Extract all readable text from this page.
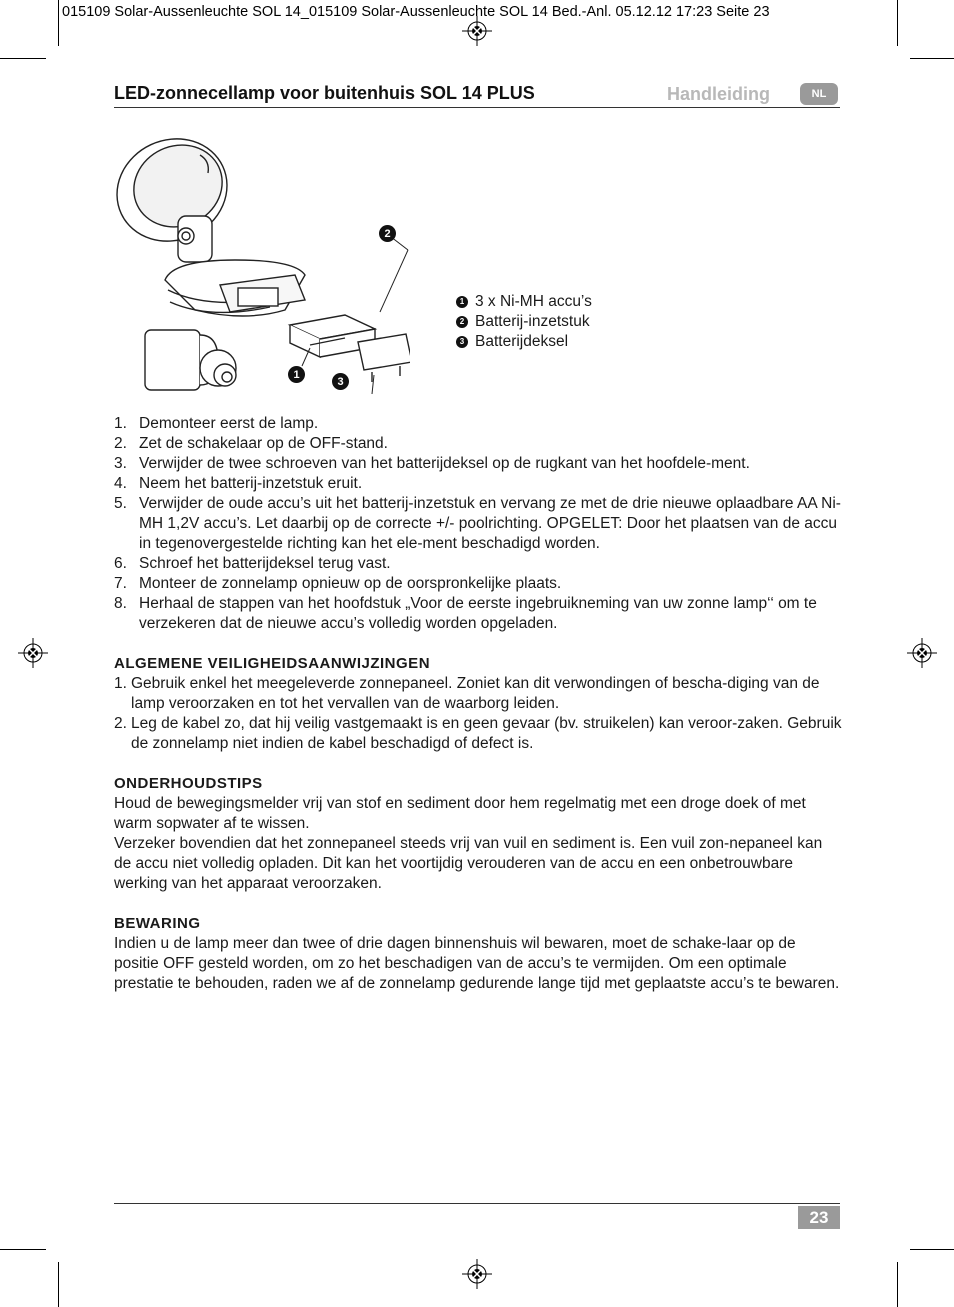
015109 Solar-Aussenleuchte SOL 14_015109 Solar-Aussenleuchte SOL 14 Bed.-Anl. 05.12.12 17:23 Seite 23
LED-zonnecellamp voor buitenhuis SOL 14 PLUS	Handleiding	NL
2
1
3
1 3 x Ni-MH accu’s
2 Batterij-inzetstuk
3 Batterijdeksel
1. Demonteer eerst de lamp.
2. Zet de schakelaar op de OFF-stand.
3. Verwijder de twee schroeven van het batterijdeksel op de rugkant van het hoofdele-ment.
4. Neem het batterij-inzetstuk eruit.
5. Verwijder de oude accu’s uit het batterij-inzetstuk en vervang ze met de drie nieuwe oplaadbare AA Ni-MH 1,2V accu’s. Let daarbij op de correcte +/- poolrichting. OPGELET: Door het plaatsen van de accu in tegenovergestelde richting kan het ele-ment beschadigd worden.
6. Schroef het batterijdeksel terug vast.
7. Monteer de zonnelamp opnieuw op de oorspronkelijke plaats.
8. Herhaal de stappen van het hoofdstuk „Voor de eerste ingebruikneming van uw zonne lamp‘‘ om te verzekeren dat de nieuwe accu’s volledig worden opgeladen.
ALGEMENE VEILIGHEIDSAANWIJZINGEN
1. Gebruik enkel het meegeleverde zonnepaneel. Zoniet kan dit verwondingen of bescha-diging van de lamp veroorzaken en tot het vervallen van de waarborg leiden.
2. Leg de kabel zo, dat hij veilig vastgemaakt is en geen gevaar (bv. struikelen) kan veroor-zaken. Gebruik de zonnelamp niet indien de kabel beschadigd of defect is.
ONDERHOUDSTIPS

Houd de bewegingsmelder vrij van stof en sediment door hem regelmatig met een droge doek of met warm sopwater af te wissen.

Verzeker bovendien dat het zonnepaneel steeds vrij van vuil en sediment is. Een vuil zon-nepaneel kan de accu niet volledig opladen. Dit kan het voortijdig verouderen van de accu en een onbetrouwbare werking van het apparaat veroorzaken.

BEWARING

Indien u de lamp meer dan twee of drie dagen binnenshuis wil bewaren, moet de schake-laar op de positie OFF gesteld worden, om zo het beschadigen van de accu’s te vermijden. Om een optimale prestatie te behouden, raden we af de zonnelamp gedurende lange tijd met geplaatste accu’s te bewaren.

23
